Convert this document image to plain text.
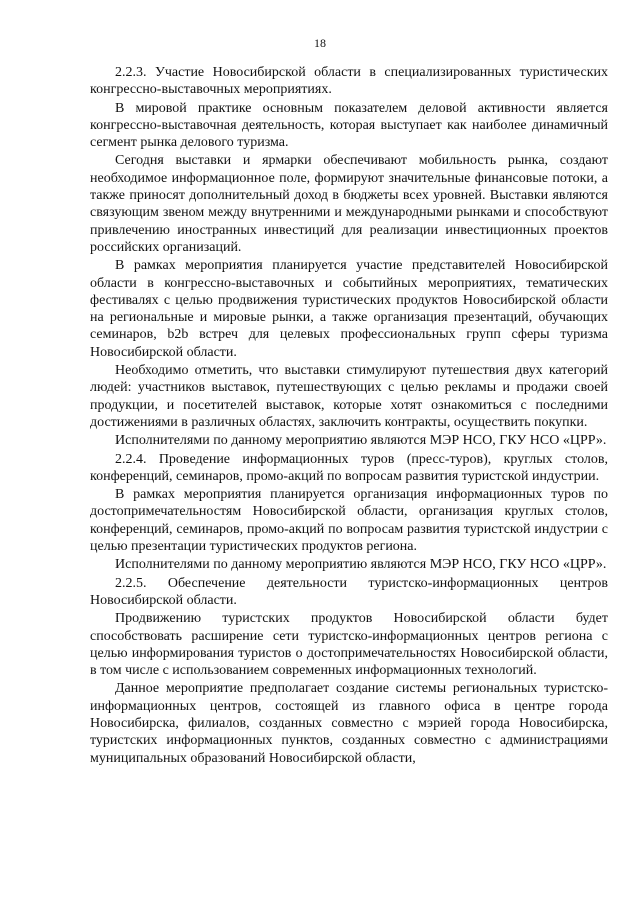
18

2.2.3. Участие Новосибирской области в специализированных туристических конгрессно-выставочных мероприятиях.

В мировой практике основным показателем деловой активности является конгрессно-выставочная деятельность, которая выступает как наиболее динамичный сегмент рынка делового туризма.

Сегодня выставки и ярмарки обеспечивают мобильность рынка, создают необходимое информационное поле, формируют значительные финансовые потоки, а также приносят дополнительный доход в бюджеты всех уровней. Выставки являются связующим звеном между внутренними и международными рынками и способствуют привлечению иностранных инвестиций для реализации инвестиционных проектов российских организаций.

В рамках мероприятия планируется участие представителей Новосибирской области в конгрессно-выставочных и событийных мероприятиях, тематических фестивалях с целью продвижения туристических продуктов Новосибирской области на региональные и мировые рынки, а также организация презентаций, обучающих семинаров, b2b встреч для целевых профессиональных групп сферы туризма Новосибирской области.

Необходимо отметить, что выставки стимулируют путешествия двух категорий людей: участников выставок, путешествующих с целью рекламы и продажи своей продукции, и посетителей выставок, которые хотят ознакомиться с последними достижениями в различных областях, заключить контракты, осуществить покупки.

Исполнителями по данному мероприятию являются МЭР НСО, ГКУ НСО «ЦРР».

2.2.4. Проведение информационных туров (пресс-туров), круглых столов, конференций, семинаров, промо-акций по вопросам развития туристской индустрии.

В рамках мероприятия планируется организация информационных туров по достопримечательностям Новосибирской области, организация круглых столов, конференций, семинаров, промо-акций по вопросам развития туристской индустрии с целью презентации туристических продуктов региона.

Исполнителями по данному мероприятию являются МЭР НСО, ГКУ НСО «ЦРР».

2.2.5. Обеспечение деятельности туристско-информационных центров Новосибирской области.

Продвижению туристских продуктов Новосибирской области будет способствовать расширение сети туристско-информационных центров региона с целью информирования туристов о достопримечательностях Новосибирской области, в том числе с использованием современных информационных технологий.

Данное мероприятие предполагает создание системы региональных туристско-информационных центров, состоящей из главного офиса в центре города Новосибирска, филиалов, созданных совместно с мэрией города Новосибирска, туристских информационных пунктов, созданных совместно с администрациями муниципальных образований Новосибирской области,
